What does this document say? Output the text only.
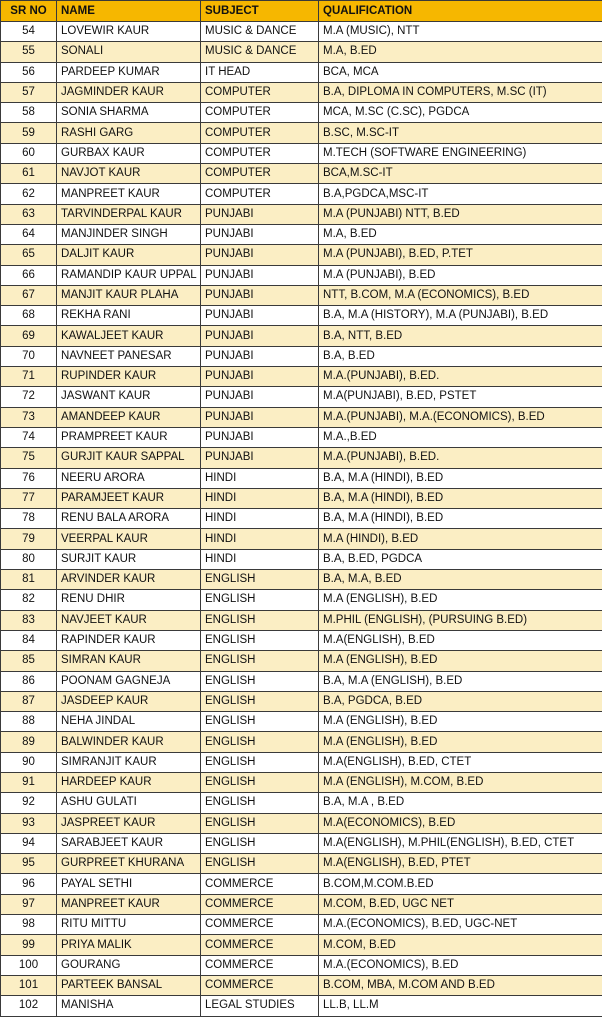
SR NO	NAME	SUBJECT	QUALIFICATION
54	LOVEWIR KAUR	MUSIC & DANCE	M.A (MUSIC), NTT
55	SONALI	MUSIC & DANCE	M.A, B.ED
56	PARDEEP KUMAR	IT HEAD	BCA, MCA
57	JAGMINDER KAUR	COMPUTER	B.A, DIPLOMA IN COMPUTERS, M.SC (IT)
58	SONIA SHARMA	COMPUTER	MCA, M.SC (C.SC), PGDCA
59	RASHI GARG	COMPUTER	B.SC, M.SC-IT
60	GURBAX KAUR	COMPUTER	M.TECH (SOFTWARE ENGINEERING)
61	NAVJOT KAUR	COMPUTER	BCA,M.SC-IT
62	MANPREET KAUR	COMPUTER	B.A,PGDCA,MSC-IT
63	TARVINDERPAL KAUR	PUNJABI	M.A (PUNJABI) NTT, B.ED
64	MANJINDER SINGH	PUNJABI	M.A, B.ED
65	DALJIT KAUR	PUNJABI	M.A (PUNJABI), B.ED, P.TET
66	RAMANDIP KAUR UPPAL	PUNJABI	M.A (PUNJABI), B.ED
67	MANJIT KAUR PLAHA	PUNJABI	NTT, B.COM, M.A (ECONOMICS), B.ED
68	REKHA RANI	PUNJABI	B.A, M.A (HISTORY), M.A (PUNJABI), B.ED
69	KAWALJEET KAUR	PUNJABI	B.A, NTT, B.ED
70	NAVNEET PANESAR	PUNJABI	B.A, B.ED
71	RUPINDER KAUR	PUNJABI	M.A.(PUNJABI), B.ED.
72	JASWANT KAUR	PUNJABI	M.A(PUNJABI), B.ED, PSTET
73	AMANDEEP KAUR	PUNJABI	M.A.(PUNJABI), M.A.(ECONOMICS), B.ED
74	PRAMPREET KAUR	PUNJABI	M.A.,B.ED
75	GURJIT KAUR SAPPAL	PUNJABI	M.A.(PUNJABI), B.ED.
76	NEERU ARORA	HINDI	B.A, M.A (HINDI), B.ED
77	PARAMJEET KAUR	HINDI	B.A, M.A (HINDI), B.ED
78	RENU BALA ARORA	HINDI	B.A, M.A (HINDI), B.ED
79	VEERPAL KAUR	HINDI	M.A (HINDI), B.ED
80	SURJIT KAUR	HINDI	B.A, B.ED, PGDCA
81	ARVINDER KAUR	ENGLISH	B.A, M.A, B.ED
82	RENU DHIR	ENGLISH	M.A (ENGLISH), B.ED
83	NAVJEET KAUR	ENGLISH	M.PHIL (ENGLISH), (PURSUING B.ED)
84	RAPINDER KAUR	ENGLISH	M.A(ENGLISH), B.ED
85	SIMRAN KAUR	ENGLISH	M.A (ENGLISH), B.ED
86	POONAM GAGNEJA	ENGLISH	B.A, M.A (ENGLISH), B.ED
87	JASDEEP KAUR	ENGLISH	B.A, PGDCA, B.ED
88	NEHA JINDAL	ENGLISH	M.A (ENGLISH), B.ED
89	BALWINDER KAUR	ENGLISH	M.A (ENGLISH), B.ED
90	SIMRANJIT KAUR	ENGLISH	M.A(ENGLISH), B.ED, CTET
91	HARDEEP KAUR	ENGLISH	M.A (ENGLISH), M.COM, B.ED
92	ASHU GULATI	ENGLISH	B.A, M.A , B.ED
93	JASPREET KAUR	ENGLISH	M.A(ECONOMICS), B.ED
94	SARABJEET KAUR	ENGLISH	M.A(ENGLISH), M.PHIL(ENGLISH), B.ED, CTET
95	GURPREET KHURANA	ENGLISH	M.A(ENGLISH), B.ED, PTET
96	PAYAL SETHI	COMMERCE	B.COM,M.COM.B.ED
97	MANPREET KAUR	COMMERCE	M.COM, B.ED, UGC NET
98	RITU MITTU	COMMERCE	M.A.(ECONOMICS), B.ED, UGC-NET
99	PRIYA MALIK	COMMERCE	M.COM, B.ED
100	GOURANG	COMMERCE	M.A.(ECONOMICS), B.ED
101	PARTEEK BANSAL	COMMERCE	B.COM, MBA, M.COM AND B.ED
102	MANISHA	LEGAL STUDIES	LL.B, LL.M
